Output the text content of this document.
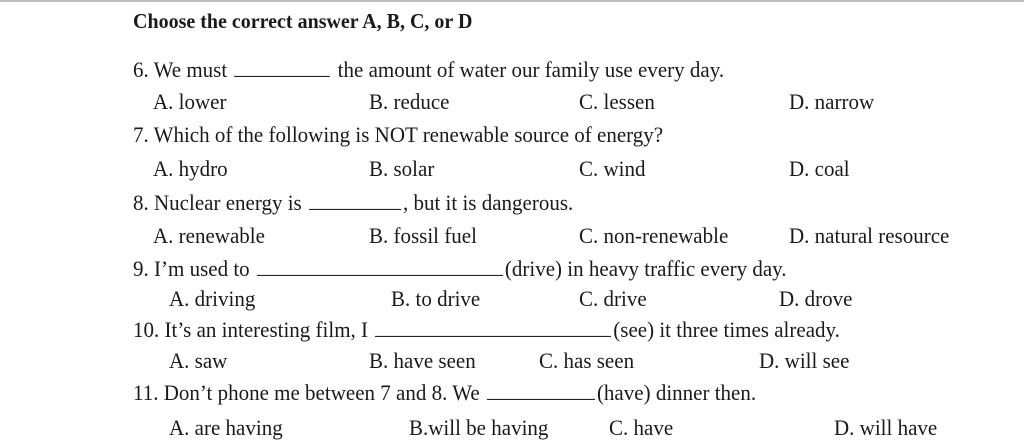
Choose the correct answer A, B, C, or D
6. We must	the amount of water our family use every day.
A. lower	B. reduce	C. lessen	D. narrow
7. Which of the following is NOT renewable source of energy?
A. hydro	B. solar	C. wind	D. coal
8. Nuclear energy is	, but it is dangerous.
A. renewable	B. fossil fuel	C. non-renewable	D. natural resource
9. I’m used to	(drive) in heavy traffic every day.
A. driving	B. to drive	C. drive	D. drove
10. It’s an interesting film, I	(see) it three times already.
A. saw	B. have seen	C. has seen	D. will see
11. Don’t phone me between 7 and 8. We	(have) dinner then.
A. are having	B.will be having	C. have	D. will have
